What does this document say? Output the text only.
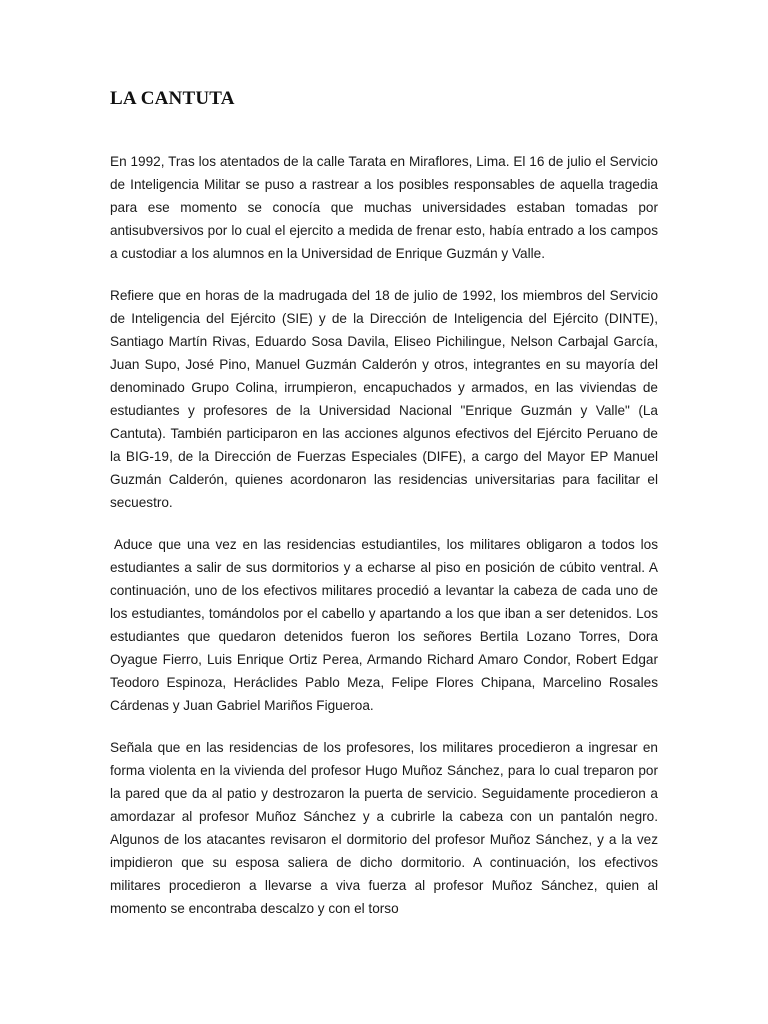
LA CANTUTA

En 1992, Tras los atentados de la calle Tarata en Miraflores, Lima. El 16 de julio el Servicio de Inteligencia Militar se puso a rastrear a los posibles responsables de aquella tragedia para ese momento se conocía que muchas universidades estaban tomadas por antisubversivos por lo cual el ejercito a medida de frenar esto, había entrado a los campos a custodiar a los alumnos en la Universidad de Enrique Guzmán y Valle.

Refiere que en horas de la madrugada del 18 de julio de 1992, los miembros del Servicio de Inteligencia del Ejército (SIE) y de la Dirección de Inteligencia del Ejército (DINTE), Santiago Martín Rivas, Eduardo Sosa Davila, Eliseo Pichilingue, Nelson Carbajal García, Juan Supo, José Pino, Manuel Guzmán Calderón y otros, integrantes en su mayoría del denominado Grupo Colina, irrumpieron, encapuchados y armados, en las viviendas de estudiantes y profesores de la Universidad Nacional "Enrique Guzmán y Valle" (La Cantuta). También participaron en las acciones algunos efectivos del Ejército Peruano de la BIG-19, de la Dirección de Fuerzas Especiales (DIFE), a cargo del Mayor EP Manuel Guzmán Calderón, quienes acordonaron las residencias universitarias para facilitar el secuestro.

Aduce que una vez en las residencias estudiantiles, los militares obligaron a todos los estudiantes a salir de sus dormitorios y a echarse al piso en posición de cúbito ventral. A continuación, uno de los efectivos militares procedió a levantar la cabeza de cada uno de los estudiantes, tomándolos por el cabello y apartando a los que iban a ser detenidos. Los estudiantes que quedaron detenidos fueron los señores Bertila Lozano Torres, Dora Oyague Fierro, Luis Enrique Ortiz Perea, Armando Richard Amaro Condor, Robert Edgar Teodoro Espinoza, Heráclides Pablo Meza, Felipe Flores Chipana, Marcelino Rosales Cárdenas y Juan Gabriel Mariños Figueroa.

Señala que en las residencias de los profesores, los militares procedieron a ingresar en forma violenta en la vivienda del profesor Hugo Muñoz Sánchez, para lo cual treparon por la pared que da al patio y destrozaron la puerta de servicio. Seguidamente procedieron a amordazar al profesor Muñoz Sánchez y a cubrirle la cabeza con un pantalón negro. Algunos de los atacantes revisaron el dormitorio del profesor Muñoz Sánchez, y a la vez impidieron que su esposa saliera de dicho dormitorio. A continuación, los efectivos militares procedieron a llevarse a viva fuerza al profesor Muñoz Sánchez, quien al momento se encontraba descalzo y con el torso
